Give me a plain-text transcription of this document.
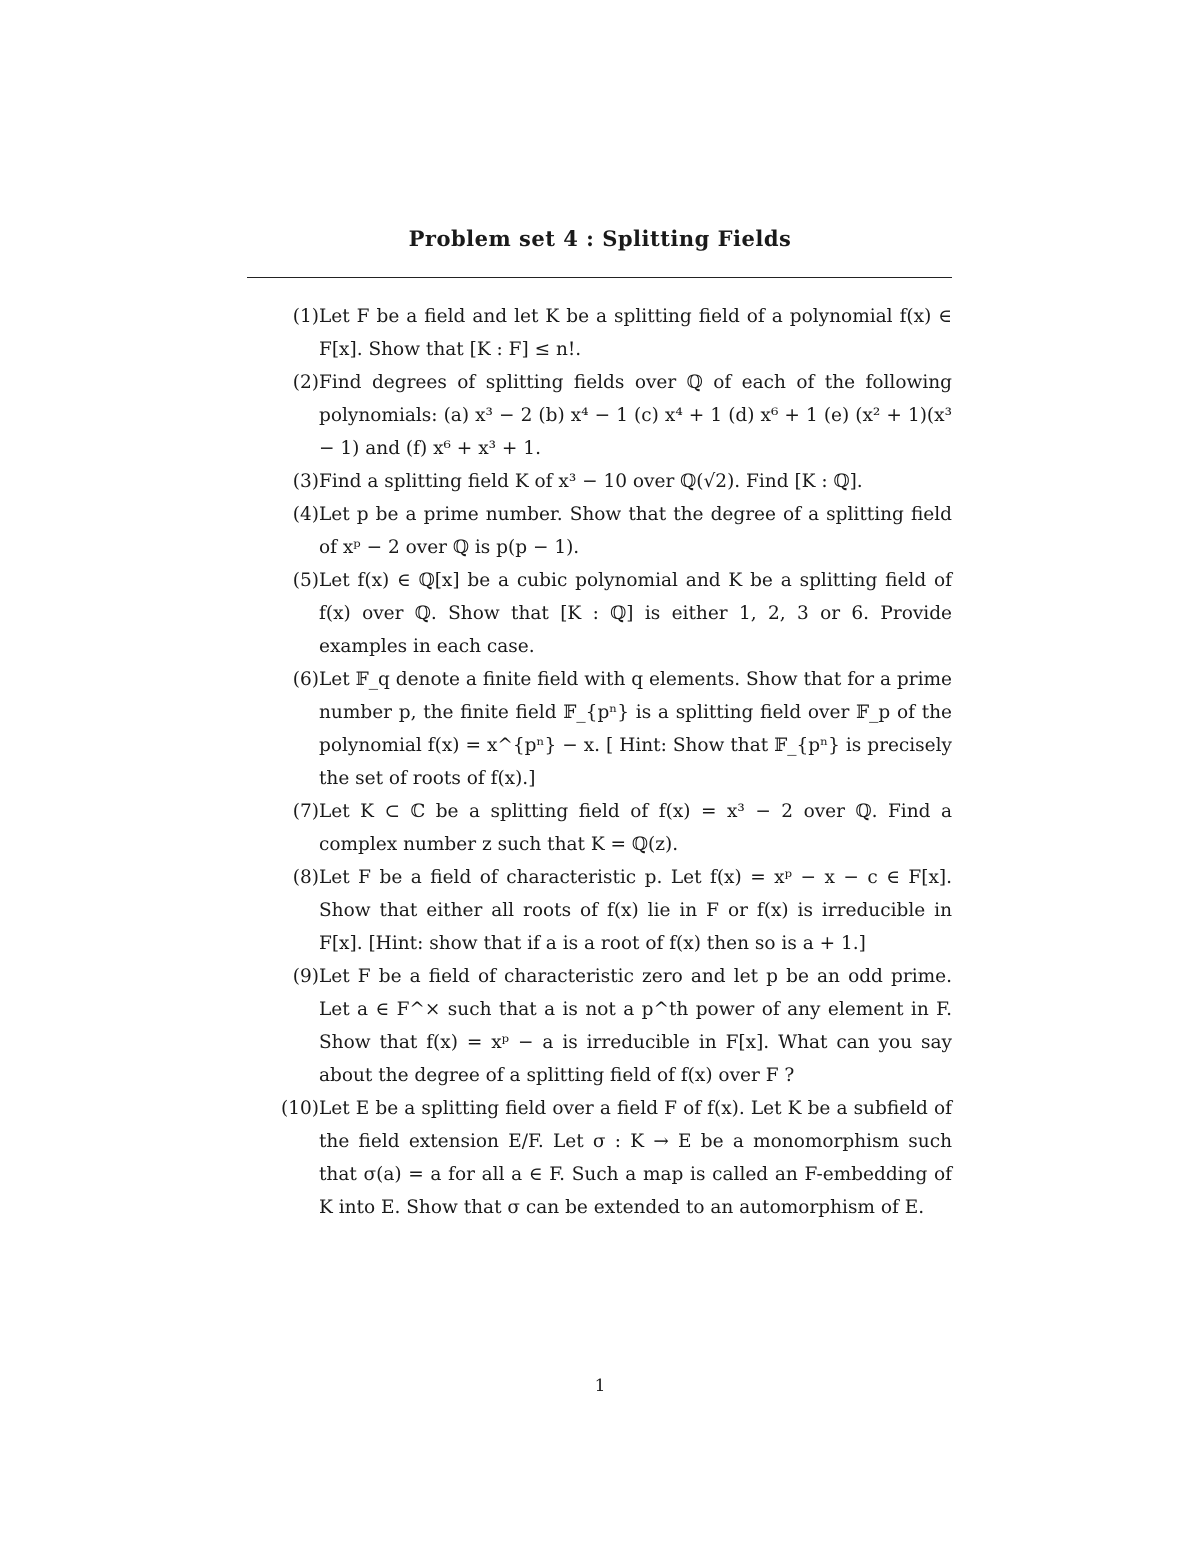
Problem set 4 : Splitting Fields
(1) Let F be a field and let K be a splitting field of a polynomial f(x) ∈ F[x]. Show that [K : F] ≤ n!.
(2) Find degrees of splitting fields over ℚ of each of the following polynomials: (a) x³ − 2 (b) x⁴ − 1 (c) x⁴ + 1 (d) x⁶ + 1 (e) (x² + 1)(x³ − 1) and (f) x⁶ + x³ + 1.
(3) Find a splitting field K of x³ − 10 over ℚ(√2). Find [K : ℚ].
(4) Let p be a prime number. Show that the degree of a splitting field of xᵖ − 2 over ℚ is p(p − 1).
(5) Let f(x) ∈ ℚ[x] be a cubic polynomial and K be a splitting field of f(x) over ℚ. Show that [K : ℚ] is either 1, 2, 3 or 6. Provide examples in each case.
(6) Let 𝔽_q denote a finite field with q elements. Show that for a prime number p, the finite field 𝔽_{pⁿ} is a splitting field over 𝔽_p of the polynomial f(x) = x^{pⁿ} − x. [ Hint: Show that 𝔽_{pⁿ} is precisely the set of roots of f(x).]
(7) Let K ⊂ ℂ be a splitting field of f(x) = x³ − 2 over ℚ. Find a complex number z such that K = ℚ(z).
(8) Let F be a field of characteristic p. Let f(x) = xᵖ − x − c ∈ F[x]. Show that either all roots of f(x) lie in F or f(x) is irreducible in F[x]. [Hint: show that if a is a root of f(x) then so is a + 1.]
(9) Let F be a field of characteristic zero and let p be an odd prime. Let a ∈ F^× such that a is not a p^th power of any element in F. Show that f(x) = xᵖ − a is irreducible in F[x]. What can you say about the degree of a splitting field of f(x) over F ?
(10) Let E be a splitting field over a field F of f(x). Let K be a subfield of the field extension E/F. Let σ : K → E be a monomorphism such that σ(a) = a for all a ∈ F. Such a map is called an F-embedding of K into E. Show that σ can be extended to an automorphism of E.
1
